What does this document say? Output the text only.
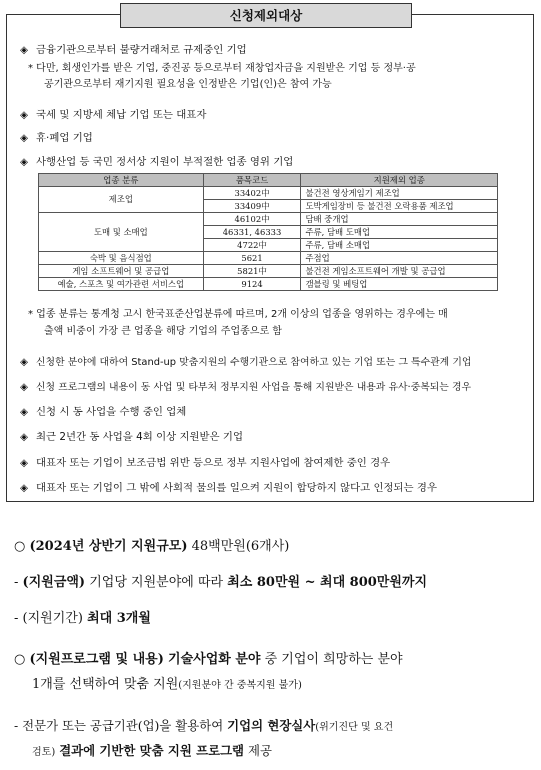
신청제외대상
◈ 금융기관으로부터 불량거래처로 규제중인 기업
* 다만, 회생인가를 받은 기업, 중진공 등으로부터 재창업자금을 지원받은 기업 등 정부·공
공기관으로부터 재기지원 필요성을 인정받은 기업(인)은 참여 가능
◈ 국세 및 지방세 체납 기업 또는 대표자
◈ 휴·폐업 기업
◈ 사행산업 등 국민 정서상 지원이 부적절한 업종 영위 기업
업종 분류	품목코드	지원제외 업종
제조업	33402中	불건전 영상게임기 제조업
	33409中	도박게임장비 등 불건전 오락용품 제조업
도매 및 소매업	46102中	담배 중개업
	46331, 46333	주류, 담배 도매업
	4722中	주류, 담배 소매업
숙박 및 음식점업	5621	주점업
게임 소프트웨어 및 공급업	5821中	불건전 게임소프트웨어 개발 및 공급업
예술, 스포츠 및 여가관련 서비스업	9124	갬블링 및 베팅업
* 업종 분류는 통계청 고시 한국표준산업분류에 따르며, 2개 이상의 업종을 영위하는 경우에는 매
출액 비중이 가장 큰 업종을 해당 기업의 주업종으로 함
◈ 신청한 분야에 대하여 Stand-up 맞춤지원의 수행기관으로 참여하고 있는 기업 또는 그 특수관계 기업
◈ 신청 프로그램의 내용이 동 사업 및 타부처 정부지원 사업을 통해 지원받은 내용과 유사·중복되는 경우
◈ 신청 시 동 사업을 수행 중인 업체
◈ 최근 2년간 동 사업을 4회 이상 지원받은 기업
◈ 대표자 또는 기업이 보조금법 위반 등으로 정부 지원사업에 참여제한 중인 경우
◈ 대표자 또는 기업이 그 밖에 사회적 물의를 일으켜 지원이 합당하지 않다고 인정되는 경우
○ (2024년 상반기 지원규모) 48백만원(6개사)
- (지원금액) 기업당 지원분야에 따라 최소 80만원 ~ 최대 800만원까지
- (지원기간) 최대 3개월
○ (지원프로그램 및 내용) 기술사업화 분야 중 기업이 희망하는 분야
1개를 선택하여 맞춤 지원(지원분야 간 중복지원 불가)
- 전문가 또는 공급기관(업)을 활용하여 기업의 현장실사(위기진단 및 요건
검토) 결과에 기반한 맞춤 지원 프로그램 제공
